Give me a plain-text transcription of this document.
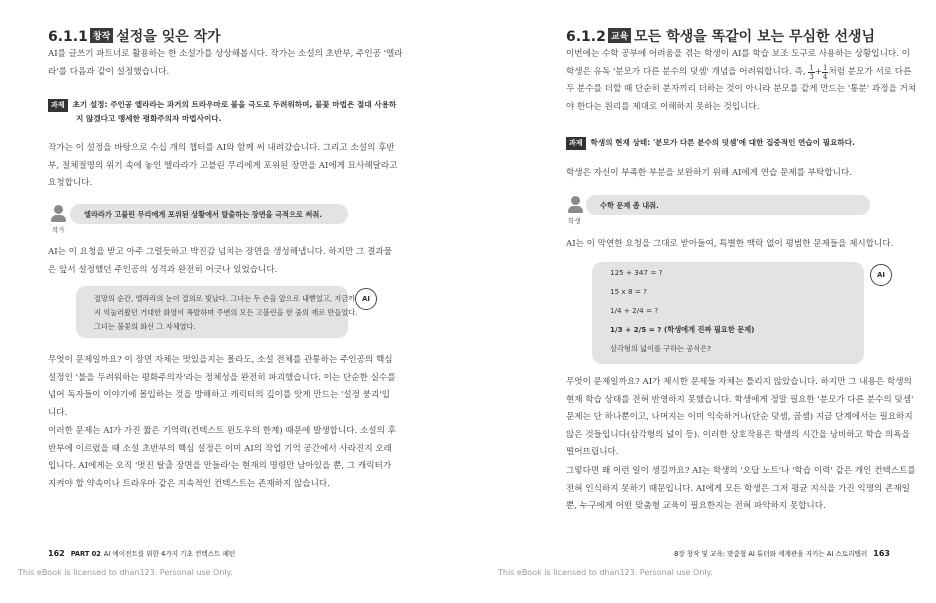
6.1.1 창작 설정을 잊은 작가

AI를 글쓰기 파트너로 활용하는 한 소설가를 상상해봅시다. 작가는 소설의 초반부, 주인공 '엘라

라'를 다음과 같이 설정했습니다.

과제 초기 설정: 주인공 엘라라는 과거의 트라우마로 불을 극도로 두려워하며, 불꽃 마법은 절대 사용하

지 않겠다고 맹세한 평화주의자 마법사이다.

작가는 이 설정을 바탕으로 수십 개의 챕터를 AI와 함께 써 내려갔습니다. 그리고 소설의 후반

부, 절체절명의 위기 속에 놓인 엘라라가 고블린 무리에게 포위된 장면을 AI에게 묘사해달라고

요청합니다.

작가
엘라라가 고블린 무리에게 포위된 상황에서 탈출하는 장면을 극적으로 써줘.

AI는 이 요청을 받고 아주 그럴듯하고 박진감 넘치는 장면을 생성해냅니다. 하지만 그 결과물

은 앞서 설정했던 주인공의 성격과 완전히 어긋나 있었습니다.

절망의 순간, 엘라라의 눈이 결의로 빛났다. 그녀는 두 손을 앞으로 내뻗었고, 지금까

지 억눌러왔던 거대한 화염이 폭발하며 주변의 모든 고블린을 한 줌의 재로 만들었다.

그녀는 불꽃의 화신 그 자체였다.

AI

무엇이 문제일까요? 이 장면 자체는 멋있을지는 몰라도, 소설 전체를 관통하는 주인공의 핵심

설정인 '불을 두려워하는 평화주의자'라는 정체성을 완전히 파괴했습니다. 이는 단순한 실수를

넘어 독자들이 이야기에 몰입하는 것을 방해하고 캐릭터의 깊이를 앗게 만드는 '설정 붕괴'입

니다.

이러한 문제는 AI가 가진 짧은 기억력(컨텍스트 윈도우의 한계) 때문에 발생합니다. 소설의 후

반부에 이르렀을 때 소설 초반부의 핵심 설정은 이미 AI의 작업 기억 공간에서 사라진지 오래

입니다. AI에게는 오직 '멋진 탈출 장면을 만들라'는 현재의 명령만 남아있을 뿐, 그 캐릭터가

지켜야 할 약속이나 트라우마 같은 지속적인 컨텍스트는 존재하지 않습니다.

162 PART 02 AI 에이전트를 위한 4가지 기초 컨텍스트 패턴
This eBook is licensed to dhan123. Personal use Only.
6.1.2 교육 모든 학생을 똑같이 보는 무심한 선생님

이번에는 수학 공부에 어려움을 겪는 학생이 AI를 학습 보조 도구로 사용하는 상황입니다. 이

학생은 유독 '분모가 다른 분수의 덧셈' 개념을 어려워합니다. 즉, $\frac{1}{3} + \frac{1}{4}$ 처럼 분모가 서로 다른

두 분수를 더할 때 단순히 분자끼리 더하는 것이 아니라 분모를 같게 만드는 '통분' 과정을 거쳐

야 한다는 원리를 제대로 이해하지 못하는 것입니다.

과제 학생의 현재 상태: '분모가 다른 분수의 덧셈'에 대한 집중적인 연습이 필요하다.

학생은 자신이 부족한 부분을 보완하기 위해 AI에게 연습 문제를 부탁합니다.

학생
수학 문제 좀 내줘.

AI는 이 막연한 요청을 그대로 받아들여, 특별한 맥락 없이 평범한 문제들을 제시합니다.

125 + 347 = ?

15 x 8 = ?

1/4 + 2/4 = ?

1/3 + 2/5 = ? (학생에게 진짜 필요한 문제)

삼각형의 넓이를 구하는 공식은?

AI

무엇이 문제일까요? AI가 제시한 문제들 자체는 틀리지 않았습니다. 하지만 그 내용은 학생의

현재 학습 상태를 전혀 반영하지 못했습니다. 학생에게 정말 필요한 '분모가 다른 분수의 덧셈'

문제는 단 하나뿐이고, 나머지는 이미 익숙하거나(단순 덧셈, 곱셈) 지금 단계에서는 필요하지

않은 것들입니다(삼각형의 넓이 등). 이러한 상호작용은 학생의 시간을 낭비하고 학습 의욕을

떨어뜨립니다.

그렇다면 왜 이런 일이 생길까요? AI는 학생의 '오답 노트'나 '학습 이력' 같은 개인 컨텍스트를

전혀 인식하지 못하기 때문입니다. AI에게 모든 학생은 그저 평균 지식을 가진 익명의 존재일

뿐, 누구에게 어떤 맞춤형 교육이 필요한지는 전혀 파악하지 못합니다.

8장 창작 및 교육: 맞춤형 AI 튜터와 세계관을 지키는 AI 스토리텔러 163
This eBook is licensed to dhan123. Personal use Only.
